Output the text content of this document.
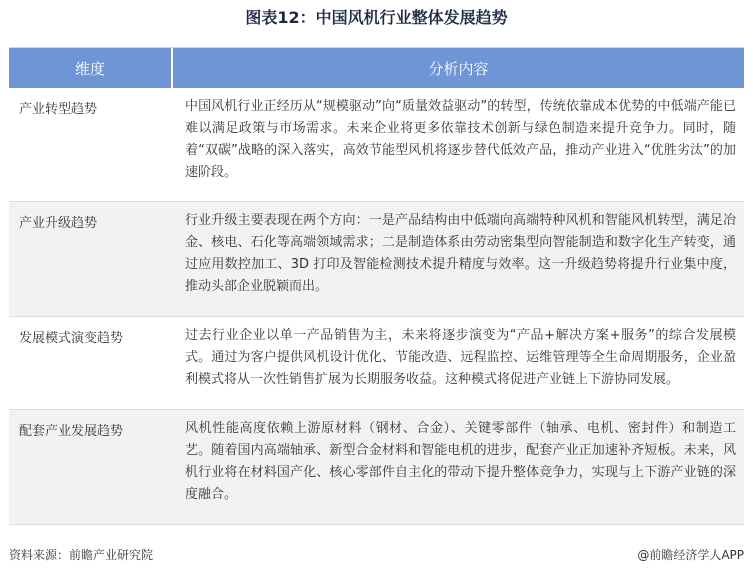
图表12：中国风机行业整体发展趋势
维度	分析内容
产业转型趋势	中国风机行业正经历从“规模驱动”向“质量效益驱动”的转型，传统依靠成本优势的中低端产能已难以满足政策与市场需求。未来企业将更多依靠技术创新与绿色制造来提升竞争力。同时，随着“双碳”战略的深入落实，高效节能型风机将逐步替代低效产品，推动产业进入“优胜劣汰”的加速阶段。
产业升级趋势	行业升级主要表现在两个方向：一是产品结构由中低端向高端特种风机和智能风机转型，满足冶金、核电、石化等高端领域需求；二是制造体系由劳动密集型向智能制造和数字化生产转变，通过应用数控加工、3D 打印及智能检测技术提升精度与效率。这一升级趋势将提升行业集中度，推动头部企业脱颖而出。
发展模式演变趋势	过去行业企业以单一产品销售为主，未来将逐步演变为“产品+解决方案+服务”的综合发展模式。通过为客户提供风机设计优化、节能改造、远程监控、运维管理等全生命周期服务，企业盈利模式将从一次性销售扩展为长期服务收益。这种模式将促进产业链上下游协同发展。
配套产业发展趋势	风机性能高度依赖上游原材料（钢材、合金）、关键零部件（轴承、电机、密封件）和制造工艺。随着国内高端轴承、新型合金材料和智能电机的进步，配套产业正加速补齐短板。未来，风机行业将在材料国产化、核心零部件自主化的带动下提升整体竞争力，实现与上下游产业链的深度融合。
资料来源：前瞻产业研究院	@前瞻经济学人APP
